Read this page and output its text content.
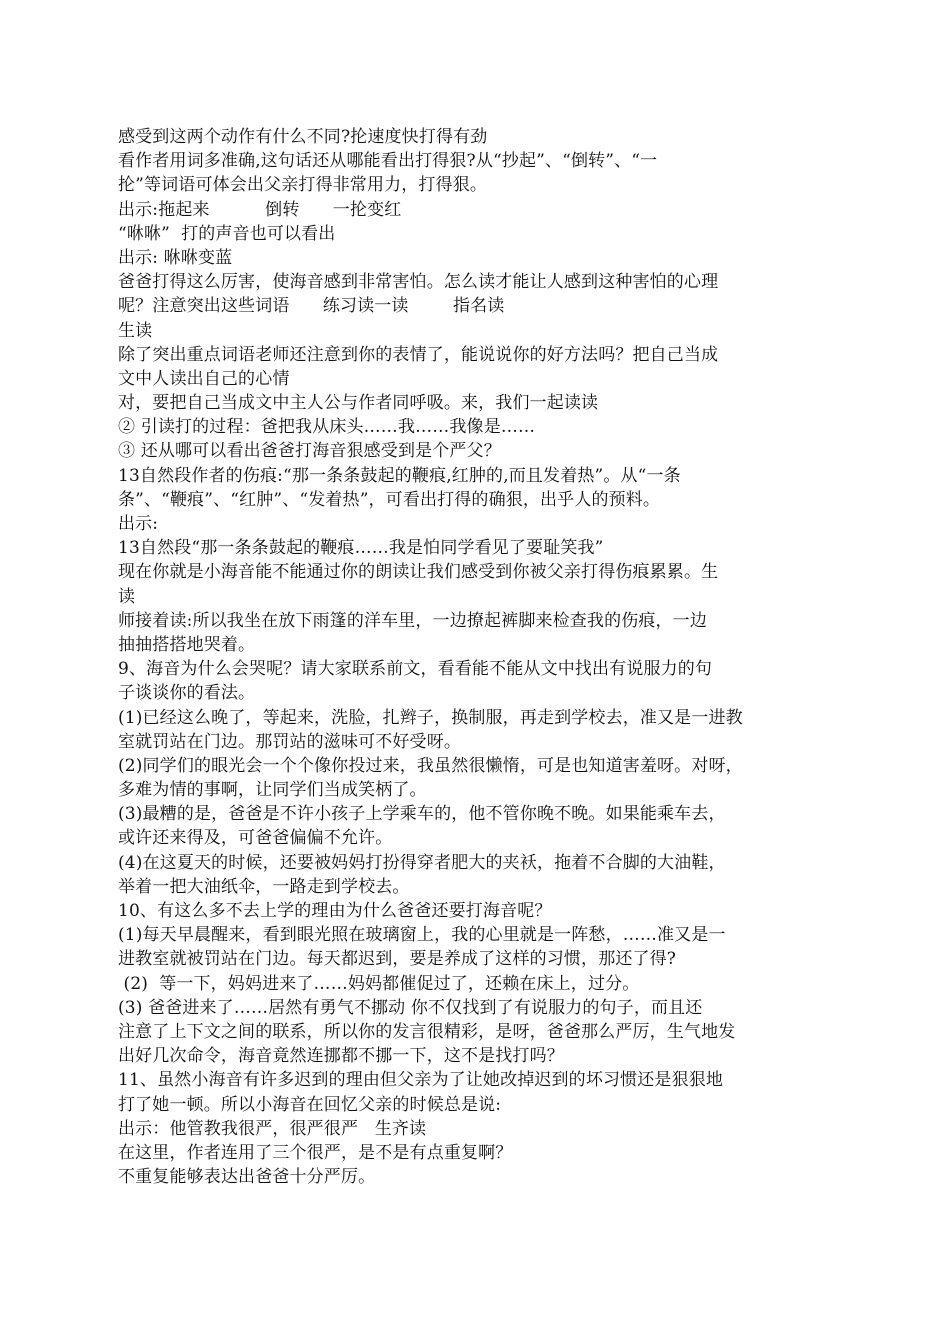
感受到这两个动作有什么不同?抡速度快打得有劲
看作者用词多准确,这句话还从哪能看出打得狠?从“抄起”、“倒转”、“一
抡”等词语可体会出父亲打得非常用力，打得狠。
出示:拖起来          倒转      一抡变红
“咻咻”  打的声音也可以看出
出示: 咻咻变蓝
爸爸打得这么厉害，使海音感到非常害怕。怎么读才能让人感到这种害怕的心理
呢？注意突出这些词语      练习读一读        指名读
生读
除了突出重点词语老师还注意到你的表情了，能说说你的好方法吗？把自己当成
文中人读出自己的心情
对，要把自己当成文中主人公与作者同呼吸。来，我们一起读读
② 引读打的过程：爸把我从床头……我……我像是……
③ 还从哪可以看出爸爸打海音狠感受到是个严父？
13自然段作者的伤痕:“那一条条鼓起的鞭痕,红肿的,而且发着热”。从“一条
条”、“鞭痕”、“红肿”、“发着热”，可看出打得的确狠，出乎人的预料。
出示:
13自然段“那一条条鼓起的鞭痕……我是怕同学看见了要耻笑我”
现在你就是小海音能不能通过你的朗读让我们感受到你被父亲打得伤痕累累。生
读
师接着读:所以我坐在放下雨篷的洋车里，一边撩起裤脚来检查我的伤痕，一边
抽抽搭搭地哭着。
9、海音为什么会哭呢？请大家联系前文，看看能不能从文中找出有说服力的句
子谈谈你的看法。
(1)已经这么晚了，等起来，洗脸，扎辫子，换制服，再走到学校去，准又是一进教
室就罚站在门边。那罚站的滋味可不好受呀。
(2)同学们的眼光会一个个像你投过来，我虽然很懒惰，可是也知道害羞呀。对呀，
多难为情的事啊，让同学们当成笑柄了。
(3)最糟的是，爸爸是不许小孩子上学乘车的，他不管你晚不晚。如果能乘车去，
或许还来得及，可爸爸偏偏不允许。
(4)在这夏天的时候，还要被妈妈打扮得穿者肥大的夹袄，拖着不合脚的大油鞋，
举着一把大油纸伞，一路走到学校去。
10、有这么多不去上学的理由为什么爸爸还要打海音呢？
(1)每天早晨醒来，看到眼光照在玻璃窗上，我的心里就是一阵愁，……准又是一
进教室就被罚站在门边。每天都迟到，要是养成了这样的习惯，那还了得?
(2)  等一下，妈妈进来了……妈妈都催促过了，还赖在床上，过分。
(3) 爸爸进来了……居然有勇气不挪动 你不仅找到了有说服力的句子，而且还
注意了上下文之间的联系，所以你的发言很精彩，是呀，爸爸那么严厉，生气地发
出好几次命令，海音竟然连挪都不挪一下，这不是找打吗？
11、虽然小海音有许多迟到的理由但父亲为了让她改掉迟到的坏习惯还是狠狠地
打了她一顿。所以小海音在回忆父亲的时候总是说:
出示：他管教我很严，很严很严   生齐读
在这里，作者连用了三个很严，是不是有点重复啊？
不重复能够表达出爸爸十分严厉。
